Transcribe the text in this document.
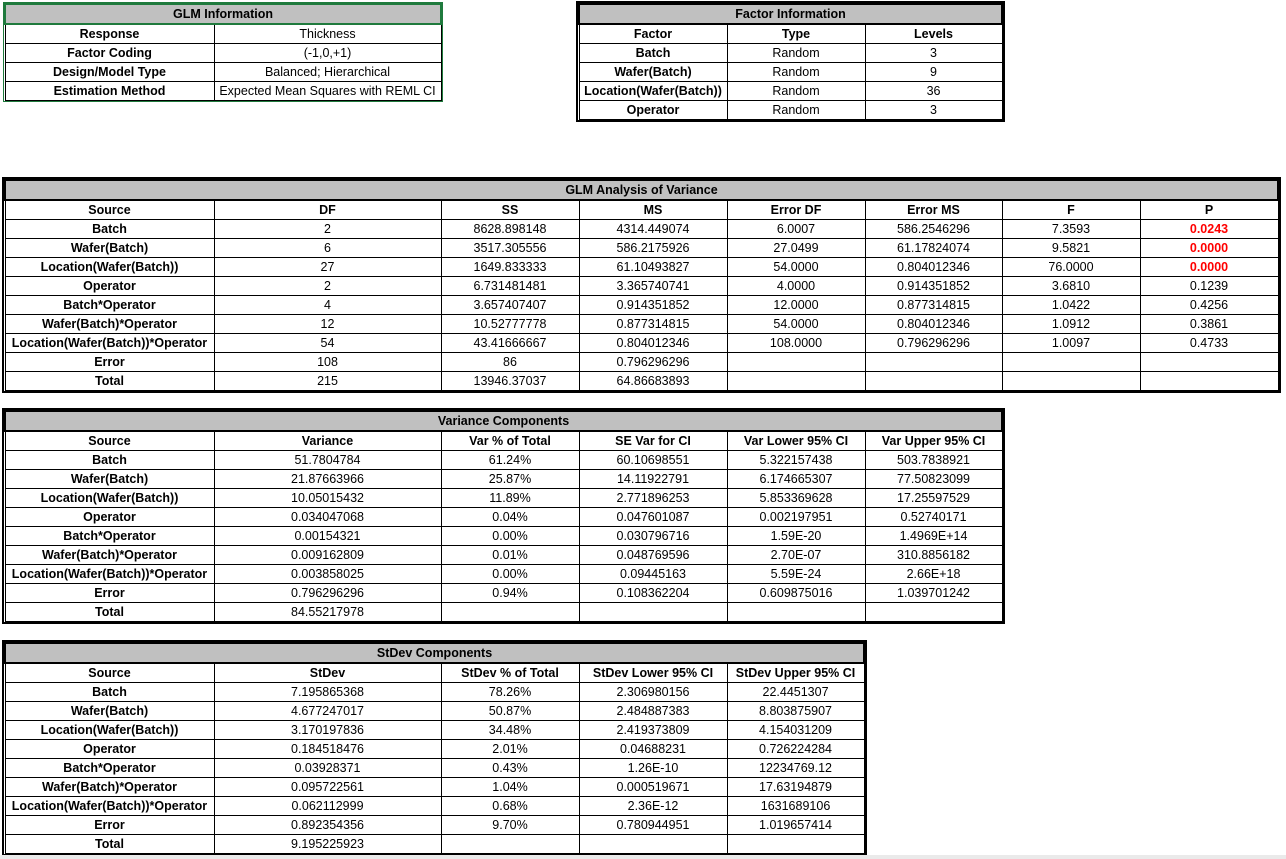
GLM Information	
Response	Thickness
Factor Coding	(-1,0,+1)
Design/Model Type	Balanced; Hierarchical
Estimation Method	Expected Mean Squares with REML CI
Factor Information		
Factor	Type	Levels
Batch	Random	3
Wafer(Batch)	Random	9
Location(Wafer(Batch))	Random	36
Operator	Random	3
GLM Analysis of Variance							
Source	DF	SS	MS	Error DF	Error MS	F	P
Batch	2	8628.898148	4314.449074	6.0007	586.2546296	7.3593	0.0243
Wafer(Batch)	6	3517.305556	586.2175926	27.0499	61.17824074	9.5821	0.0000
Location(Wafer(Batch))	27	1649.833333	61.10493827	54.0000	0.804012346	76.0000	0.0000
Operator	2	6.731481481	3.365740741	4.0000	0.914351852	3.6810	0.1239
Batch*Operator	4	3.657407407	0.914351852	12.0000	0.877314815	1.0422	0.4256
Wafer(Batch)*Operator	12	10.52777778	0.877314815	54.0000	0.804012346	1.0912	0.3861
Location(Wafer(Batch))*Operator	54	43.41666667	0.804012346	108.0000	0.796296296	1.0097	0.4733
Error	108	86	0.796296296				
Total	215	13946.37037	64.86683893				
Variance Components					
Source	Variance	Var % of Total	SE Var for CI	Var Lower 95% CI	Var Upper 95% CI
Batch	51.7804784	61.24%	60.10698551	5.322157438	503.7838921
Wafer(Batch)	21.87663966	25.87%	14.11922791	6.174665307	77.50823099
Location(Wafer(Batch))	10.05015432	11.89%	2.771896253	5.853369628	17.25597529
Operator	0.034047068	0.04%	0.047601087	0.002197951	0.52740171
Batch*Operator	0.00154321	0.00%	0.030796716	1.59E-20	1.4969E+14
Wafer(Batch)*Operator	0.009162809	0.01%	0.048769596	2.70E-07	310.8856182
Location(Wafer(Batch))*Operator	0.003858025	0.00%	0.09445163	5.59E-24	2.66E+18
Error	0.796296296	0.94%	0.108362204	0.609875016	1.039701242
Total	84.55217978				
StDev Components				
Source	StDev	StDev % of Total	StDev Lower 95% CI	StDev Upper 95% CI
Batch	7.195865368	78.26%	2.306980156	22.4451307
Wafer(Batch)	4.677247017	50.87%	2.484887383	8.803875907
Location(Wafer(Batch))	3.170197836	34.48%	2.419373809	4.154031209
Operator	0.184518476	2.01%	0.04688231	0.726224284
Batch*Operator	0.03928371	0.43%	1.26E-10	12234769.12
Wafer(Batch)*Operator	0.095722561	1.04%	0.000519671	17.63194879
Location(Wafer(Batch))*Operator	0.062112999	0.68%	2.36E-12	1631689106
Error	0.892354356	9.70%	0.780944951	1.019657414
Total	9.195225923			
